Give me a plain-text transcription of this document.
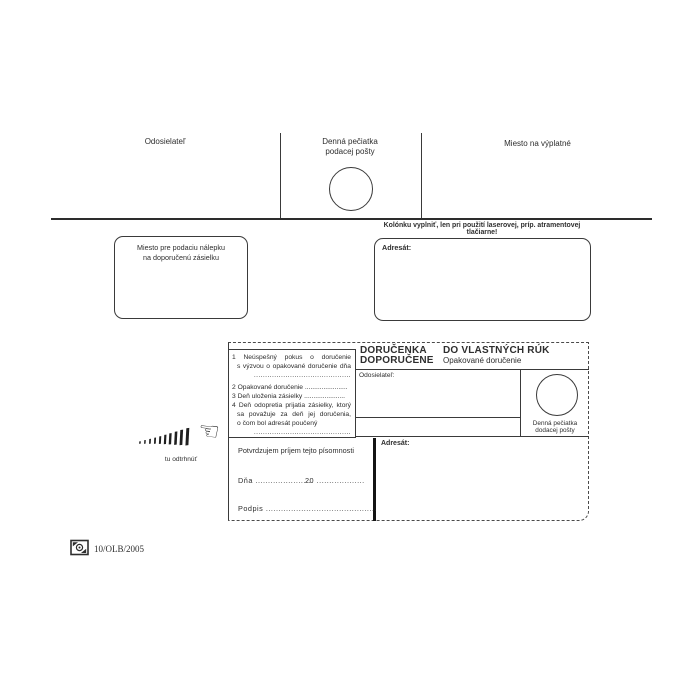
Odosielateľ	Denná pečiatka
podacej pošty
Miesto na výplatné
Kolónku vyplniť, len pri použití laserovej, príp. atramentovej tlačiarne!
Miesto pre podaciu nálepku
na doporučenú zásielku
Adresát:
1 Neúspešný pokus o doručenie
s výzvou o opakované doručenie dňa
...........................................
2 Opakované doručenie .......................
3 Deň uloženia zásielky ......................
4 Deň odopretia prijatia zásielky, ktorý
sa považuje za deň jej doručenia,
o čom bol adresát poučený
...........................................
DORUČENKA
DOPORUČENE
DO VLASTNÝCH RÚK
Opakované doručenie
Odosielateľ:
Denná pečiatka
dodacej pošty
Adresát:
Potvrdzujem príjem tejto písomnosti
Dňa .......................
20 ...................
Podpis ............................................
☜
tu odtrhnúť
10/OLB/2005
